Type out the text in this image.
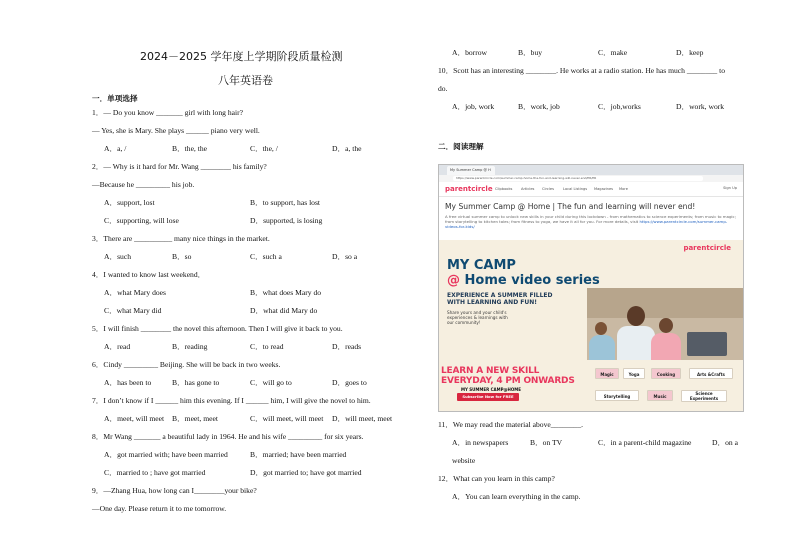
2024－2025 学年度上学期阶段质量检测
八年英语卷
一．单项选择
1．— Do you know _______ girl with long hair?
— Yes, she is Mary. She plays ______ piano very well.
A．a, /	B．the, the	C．the, /	D．a, the
2．— Why is it hard for Mr. Wang ________ his family?
—Because he _________ his job.
A．support, lost	B．to support, has lost
C．supporting, will lose	D．supported, is losing
3．There are __________ many nice things in the market.
A．such	B．so	C．such a	D．so a
4．I wanted to know last weekend．
A．what Mary does	B．what does Mary do
C．what Mary did	D．what did Mary do
5．I will finish ________ the novel this afternoon. Then I will give it back to you.
A．read	B．reading	C．to read	D．reads
6．Cindy _________ Beijing. She will be back in two weeks.
A．has been to	B．has gone to	C．will go to	D．goes to
7．I don’t know if I ______ him this evening. If I ______ him, I will give the novel to him.
A．meet, will meet B．meet, meet	C．will meet, will meet D．will meet, meet
8．Mr Wang _______ a beautiful lady in 1964. He and his wife _________ for six years.
A．got married with; have been married	B．married; have been married
C．married to ; have got married	D．got married to; have got married
9．—Zhang Hua, how long can I________your bike?
—One day. Please return it to me tomorrow.
A．borrow	B．buy	C．make	D．keep
10．Scott has an interesting ________. He works at a radio station. He has much ________ to
do.
A．job, work	B．work, job	C．job,works	D．work, work
二．阅读理解
My Summer Camp @ H
https://www.parentcircle.com/summer-camp-home-the-fun-and-learning-will-never-end/PR/PR
parentcircle Clipbooks Articles Circles	Local Listings Magazines More	Sign Up
My Summer Camp @ Home | The fun and learning will never end!
A free virtual summer camp to unlock new skills in your child during this lockdown - from mathematics to science experiments; from music to magic; from storytelling to kitchen tales; from fitness to yoga, we have it all for you. For more details, visit https://www.parentcircle.com/summer-camp-videos-for-kids/
parentcircle
MY CAMP
@ Home video series
EXPERIENCE A SUMMER FILLED
WITH LEARNING AND FUN!
Share yours and your child's
experiences & learnings with
our community!
LEARN A NEW SKILL
EVERYDAY, 4 PM ONWARDS
MY SUMMER CAMP@HOME
Subscribe Now for FREE
Magic	Yoga	Cooking	Arts &Crafts
Storytelling	Music
Science
Experiments
11．We may read the material above________.
A．in newspapers	B．on TV	C．in a parent-child magazine	D．on a
website
12．What can you learn in this camp?
A．You can learn everything in the camp.
